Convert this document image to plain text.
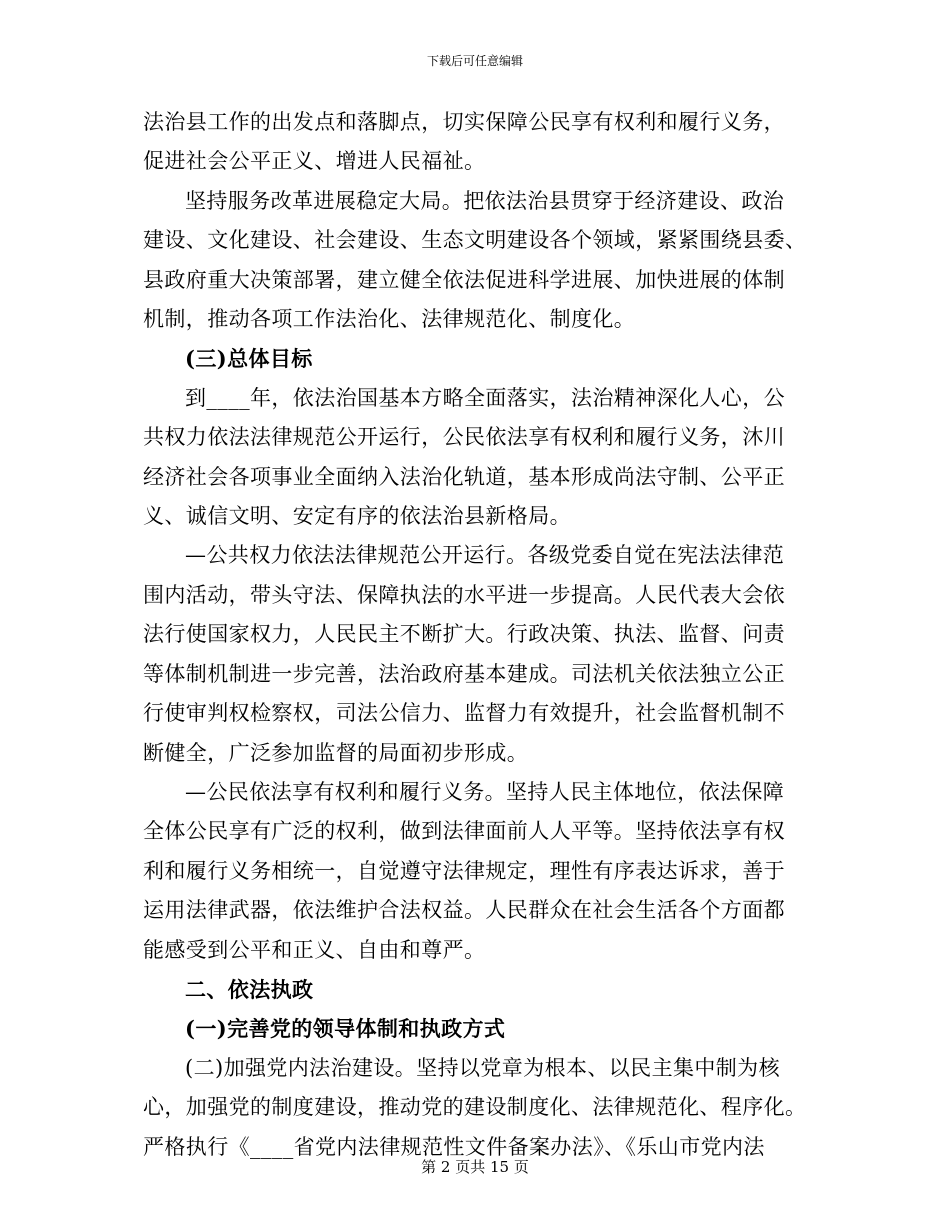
下载后可任意编辑

法治县工作的出发点和落脚点，切实保障公民享有权利和履行义务，
促进社会公平正义、增进人民福祉。

坚持服务改革进展稳定大局。把依法治县贯穿于经济建设、政治
建设、文化建设、社会建设、生态文明建设各个领域，紧紧围绕县委、
县政府重大决策部署，建立健全依法促进科学进展、加快进展的体制
机制，推动各项工作法治化、法律规范化、制度化。

(三)总体目标

到____年，依法治国基本方略全面落实，法治精神深化人心，公
共权力依法法律规范公开运行，公民依法享有权利和履行义务，沐川
经济社会各项事业全面纳入法治化轨道，基本形成尚法守制、公平正
义、诚信文明、安定有序的依法治县新格局。

—公共权力依法法律规范公开运行。各级党委自觉在宪法法律范
围内活动，带头守法、保障执法的水平进一步提高。人民代表大会依
法行使国家权力，人民民主不断扩大。行政决策、执法、监督、问责
等体制机制进一步完善，法治政府基本建成。司法机关依法独立公正
行使审判权检察权，司法公信力、监督力有效提升，社会监督机制不
断健全，广泛参加监督的局面初步形成。

—公民依法享有权利和履行义务。坚持人民主体地位，依法保障
全体公民享有广泛的权利，做到法律面前人人平等。坚持依法享有权
利和履行义务相统一，自觉遵守法律规定，理性有序表达诉求，善于
运用法律武器，依法维护合法权益。人民群众在社会生活各个方面都
能感受到公平和正义、自由和尊严。

二、依法执政

(一)完善党的领导体制和执政方式

(二)加强党内法治建设。坚持以党章为根本、以民主集中制为核
心，加强党的制度建设，推动党的建设制度化、法律规范化、程序化。
严格执行《____省党内法律规范性文件备案办法》、《乐山市党内法

第 2 页共 15 页
